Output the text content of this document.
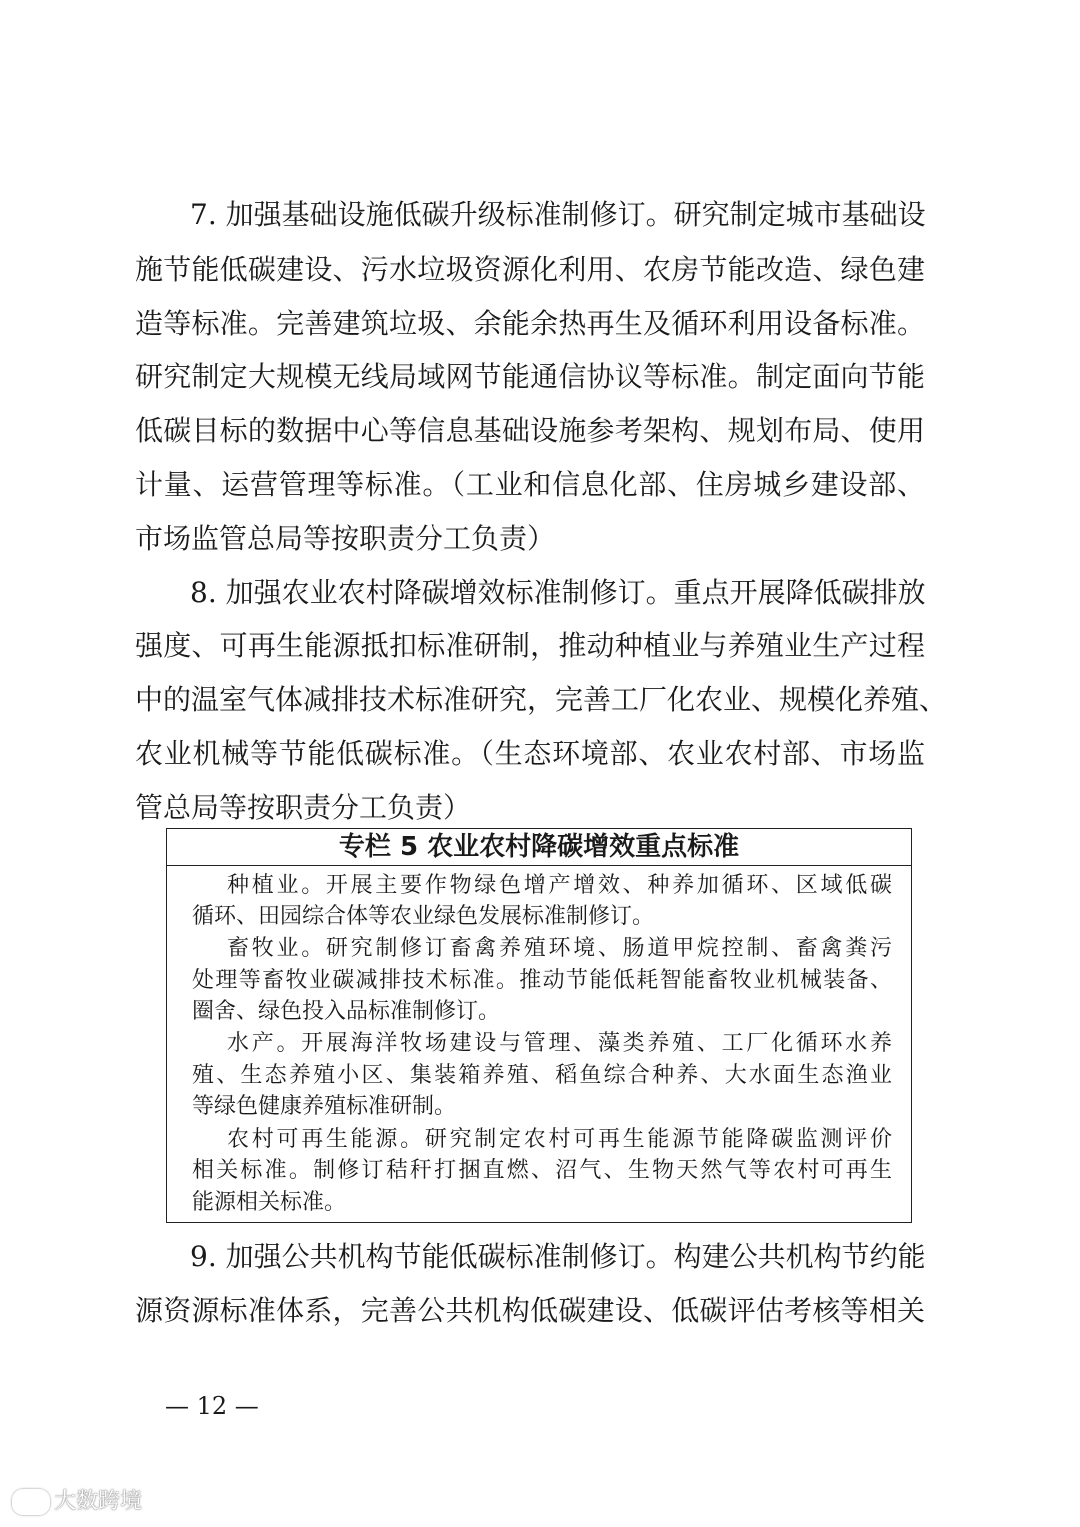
7. 加强基础设施低碳升级标准制修订。研究制定城市基础设
施节能低碳建设、污水垃圾资源化利用、农房节能改造、绿色建
造等标准。完善建筑垃圾、余能余热再生及循环利用设备标准。
研究制定大规模无线局域网节能通信协议等标准。制定面向节能
低碳目标的数据中心等信息基础设施参考架构、规划布局、使用
计量、运营管理等标准。（工业和信息化部、住房城乡建设部、
市场监管总局等按职责分工负责）
8. 加强农业农村降碳增效标准制修订。重点开展降低碳排放
强度、可再生能源抵扣标准研制，推动种植业与养殖业生产过程
中的温室气体减排技术标准研究，完善工厂化农业、规模化养殖、
农业机械等节能低碳标准。（生态环境部、农业农村部、市场监
管总局等按职责分工负责）
专栏 5 农业农村降碳增效重点标准
种植业。开展主要作物绿色增产增效、种养加循环、区域低碳
循环、田园综合体等农业绿色发展标准制修订。
畜牧业。研究制修订畜禽养殖环境、肠道甲烷控制、畜禽粪污
处理等畜牧业碳减排技术标准。推动节能低耗智能畜牧业机械装备、
圈舍、绿色投入品标准制修订。
水产。开展海洋牧场建设与管理、藻类养殖、工厂化循环水养
殖、生态养殖小区、集装箱养殖、稻鱼综合种养、大水面生态渔业
等绿色健康养殖标准研制。
农村可再生能源。研究制定农村可再生能源节能降碳监测评价
相关标准。制修订秸秆打捆直燃、沼气、生物天然气等农村可再生
能源相关标准。
9. 加强公共机构节能低碳标准制修订。构建公共机构节约能
源资源标准体系，完善公共机构低碳建设、低碳评估考核等相关
— 12 —
大数跨境
